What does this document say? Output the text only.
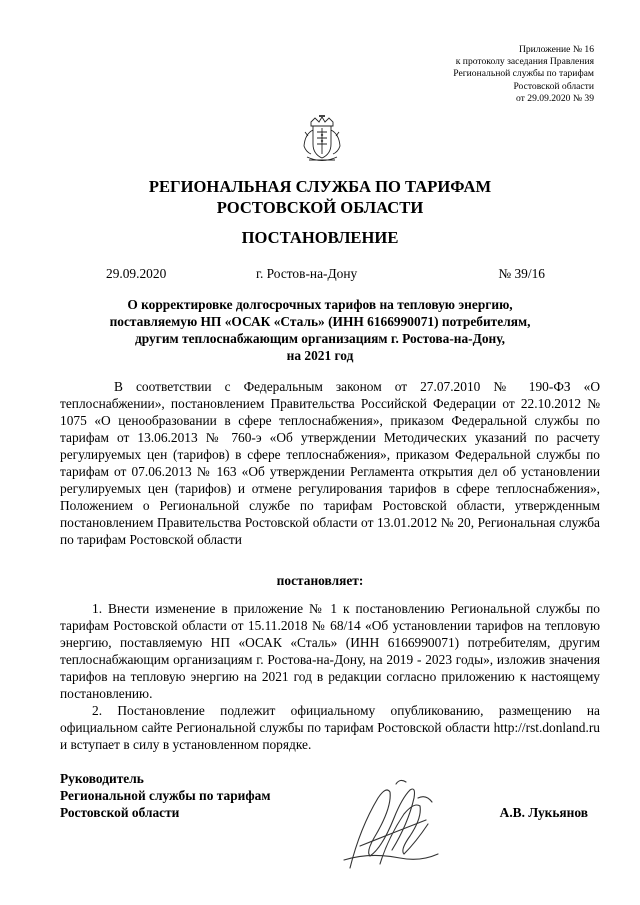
Приложение № 16
к протоколу заседания Правления
Региональной службы по тарифам
Ростовской области
от 29.09.2020 № 39
РЕГИОНАЛЬНАЯ СЛУЖБА ПО ТАРИФАМ
РОСТОВСКОЙ ОБЛАСТИ
ПОСТАНОВЛЕНИЕ
29.09.2020	г. Ростов-на-Дону	№ 39/16
О корректировке долгосрочных тарифов на тепловую энергию,
поставляемую НП «ОСАК «Сталь» (ИНН 6166990071) потребителям,
другим теплоснабжающим организациям г. Ростова-на-Дону,
на 2021 год

В соответствии с Федеральным законом от 27.07.2010 № 190-ФЗ «О теплоснабжении», постановлением Правительства Российской Федерации от 22.10.2012 № 1075 «О ценообразовании в сфере теплоснабжения», приказом Федеральной службы по тарифам от 13.06.2013 № 760-э «Об утверждении Методических указаний по расчету регулируемых цен (тарифов) в сфере теплоснабжения», приказом Федеральной службы по тарифам от 07.06.2013 № 163 «Об утверждении Регламента открытия дел об установлении регулируемых цен (тарифов) и отмене регулирования тарифов в сфере теплоснабжения», Положением о Региональной службе по тарифам Ростовской области, утвержденным постановлением Правительства Ростовской области от 13.01.2012 № 20, Региональная служба по тарифам Ростовской области

постановляет:

1. Внести изменение в приложение № 1 к постановлению Региональной службы по тарифам Ростовской области от 15.11.2018 № 68/14 «Об установлении тарифов на тепловую энергию, поставляемую НП «ОСАК «Сталь» (ИНН 6166990071) потребителям, другим теплоснабжающим организациям г. Ростова-на-Дону, на 2019 - 2023 годы», изложив значения тарифов на тепловую энергию на 2021 год в редакции согласно приложению к настоящему постановлению.

2. Постановление подлежит официальному опубликованию, размещению на официальном сайте Региональной службы по тарифам Ростовской области http://rst.donland.ru и вступает в силу в установленном порядке.

Руководитель
Региональной службы по тарифам
Ростовской области	А.В. Лукьянов
